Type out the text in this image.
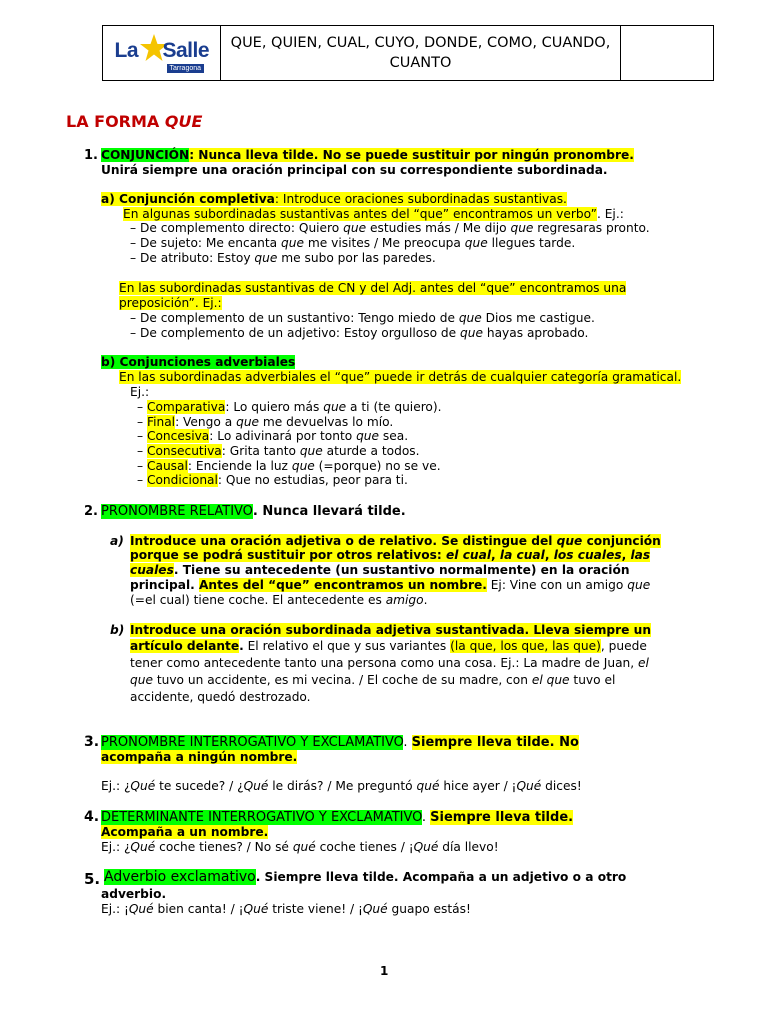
La Salle
Tarragona
QUE, QUIEN, CUAL, CUYO, DONDE, COMO, CUANDO, CUANTO
LA FORMA QUE
1. CONJUNCIÓN: Nunca lleva tilde. No se puede sustituir por ningún pronombre.
Unirá siempre una oración principal con su correspondiente subordinada.
a) Conjunción completiva: Introduce oraciones subordinadas sustantivas.
En algunas subordinadas sustantivas antes del “que” encontramos un verbo”. Ej.:
– De complemento directo: Quiero que estudies más / Me dijo que regresaras pronto.
– De sujeto: Me encanta que me visites / Me preocupa que llegues tarde.
– De atributo: Estoy que me subo por las paredes.
En las subordinadas sustantivas de CN y del Adj. antes del “que” encontramos una
preposición”. Ej.:
– De complemento de un sustantivo: Tengo miedo de que Dios me castigue.
– De complemento de un adjetivo: Estoy orgulloso de que hayas aprobado.
b) Conjunciones adverbiales
En las subordinadas adverbiales el “que” puede ir detrás de cualquier categoría gramatical.
Ej.:
– Comparativa: Lo quiero más que a ti (te quiero).
– Final: Vengo a que me devuelvas lo mío.
– Concesiva: Lo adivinará por tonto que sea.
– Consecutiva: Grita tanto que aturde a todos.
– Causal: Enciende la luz que (=porque) no se ve.
– Condicional: Que no estudias, peor para ti.
2. PRONOMBRE RELATIVO. Nunca llevará tilde.
a) Introduce una oración adjetiva o de relativo. Se distingue del que conjunción
porque se podrá sustituir por otros relativos: el cual, la cual, los cuales, las
cuales. Tiene su antecedente (un sustantivo normalmente) en la oración
principal. Antes del “que” encontramos un nombre. Ej: Vine con un amigo que
(=el cual) tiene coche. El antecedente es amigo.
b) Introduce una oración subordinada adjetiva sustantivada. Lleva siempre un
artículo delante. El relativo el que y sus variantes (la que, los que, las que), puede
tener como antecedente tanto una persona como una cosa. Ej.: La madre de Juan, el
que tuvo un accidente, es mi vecina. / El coche de su madre, con el que tuvo el
accidente, quedó destrozado.
3. PRONOMBRE INTERROGATIVO Y EXCLAMATIVO. Siempre lleva tilde. No
acompaña a ningún nombre.
Ej.: ¿Qué te sucede? / ¿Qué le dirás? / Me preguntó qué hice ayer / ¡Qué dices!
4. DETERMINANTE INTERROGATIVO Y EXCLAMATIVO. Siempre lleva tilde.
Acompaña a un nombre.
Ej.: ¿Qué coche tienes? / No sé qué coche tienes / ¡Qué día llevo!
5. Adverbio exclamativo. Siempre lleva tilde. Acompaña a un adjetivo o a otro
adverbio.
Ej.: ¡Qué bien canta! / ¡Qué triste viene! / ¡Qué guapo estás!
1
